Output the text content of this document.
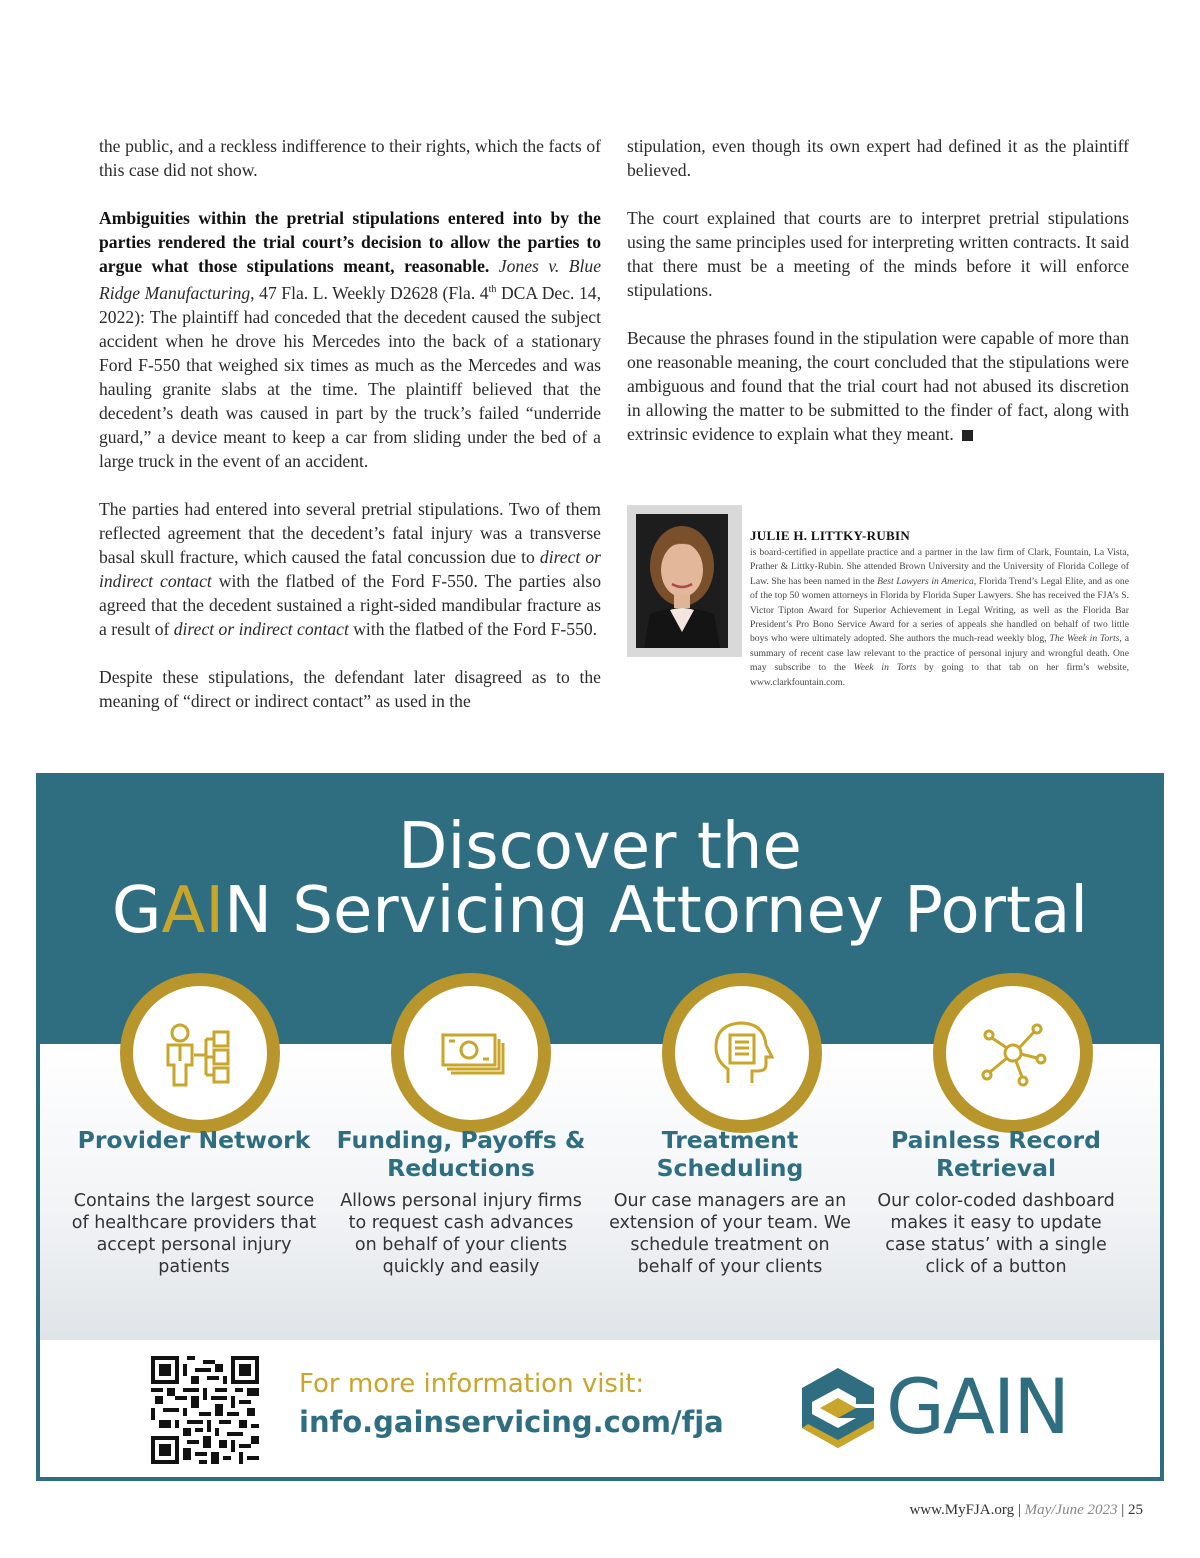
the public, and a reckless indifference to their rights, which the facts of this case did not show.

Ambiguities within the pretrial stipulations entered into by the parties rendered the trial court’s decision to allow the parties to argue what those stipulations meant, reasonable. Jones v. Blue Ridge Manufacturing, 47 Fla. L. Weekly D2628 (Fla. 4th DCA Dec. 14, 2022): The plaintiff had conceded that the decedent caused the subject accident when he drove his Mercedes into the back of a stationary Ford F-550 that weighed six times as much as the Mercedes and was hauling granite slabs at the time. The plaintiff believed that the decedent’s death was caused in part by the truck’s failed “underride guard,” a device meant to keep a car from sliding under the bed of a large truck in the event of an accident.

The parties had entered into several pretrial stipulations. Two of them reflected agreement that the decedent’s fatal injury was a transverse basal skull fracture, which caused the fatal concussion due to direct or indirect contact with the flatbed of the Ford F-550. The parties also agreed that the decedent sustained a right-sided mandibular fracture as a result of direct or indirect contact with the flatbed of the Ford F-550.

Despite these stipulations, the defendant later disagreed as to the meaning of “direct or indirect contact” as used in the

stipulation, even though its own expert had defined it as the plaintiff believed.

The court explained that courts are to interpret pretrial stipulations using the same principles used for interpreting written contracts. It said that there must be a meeting of the minds before it will enforce stipulations.

Because the phrases found in the stipulation were capable of more than one reasonable meaning, the court concluded that the stipulations were ambiguous and found that the trial court had not abused its discretion in allowing the matter to be submitted to the finder of fact, along with extrinsic evidence to explain what they meant.

JULIE H. LITTKY-RUBIN
is board-certified in appellate practice and a partner in the law firm of Clark, Fountain, La Vista, Prather & Littky-Rubin. She attended Brown University and the University of Florida College of Law. She has been named in the Best Lawyers in America, Florida Trend’s Legal Elite, and as one of the top 50 women attorneys in Florida by Florida Super Lawyers. She has received the FJA’s S. Victor Tipton Award for Superior Achievement in Legal Writing, as well as the Florida Bar President’s Pro Bono Service Award for a series of appeals she handled on behalf of two little boys who were ultimately adopted. She authors the much-read weekly blog, The Week in Torts, a summary of recent case law relevant to the practice of personal injury and wrongful death. One may subscribe to the Week in Torts by going to that tab on her firm’s website, www.clarkfountain.com.
Discover the
GAIN Servicing Attorney Portal
Provider Network
Contains the largest source of healthcare providers that accept personal injury patients
Funding, Payoffs & Reductions
Allows personal injury firms to request cash advances on behalf of your clients quickly and easily
Treatment Scheduling
Our case managers are an extension of your team. We schedule treatment on behalf of your clients
Painless Record Retrieval
Our color-coded dashboard makes it easy to update case status’ with a single click of a button
For more information visit:
info.gainservicing.com/fja GAIN
www.MyFJA.org | May/June 2023 | 25
